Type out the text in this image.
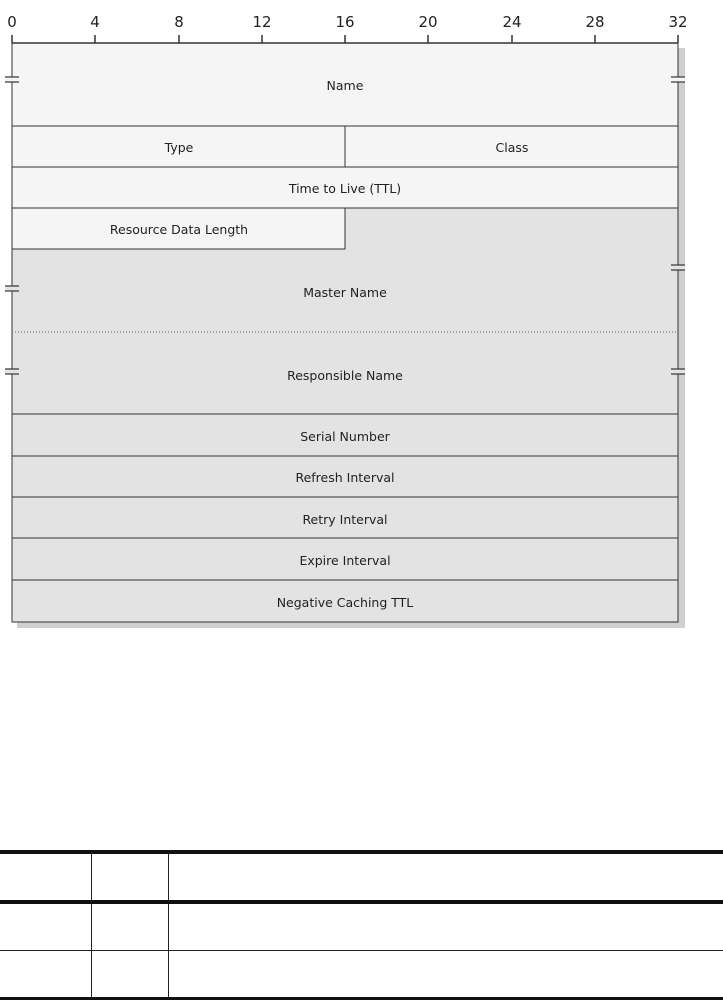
0	4	8	12	16	20	24	28	32
Name
Type	Class
Time to Live (TTL)
Resource Data Length
Master Name
Responsible Name
Serial Number
Refresh Interval
Retry Interval
Expire Interval
Negative Caching TTL
